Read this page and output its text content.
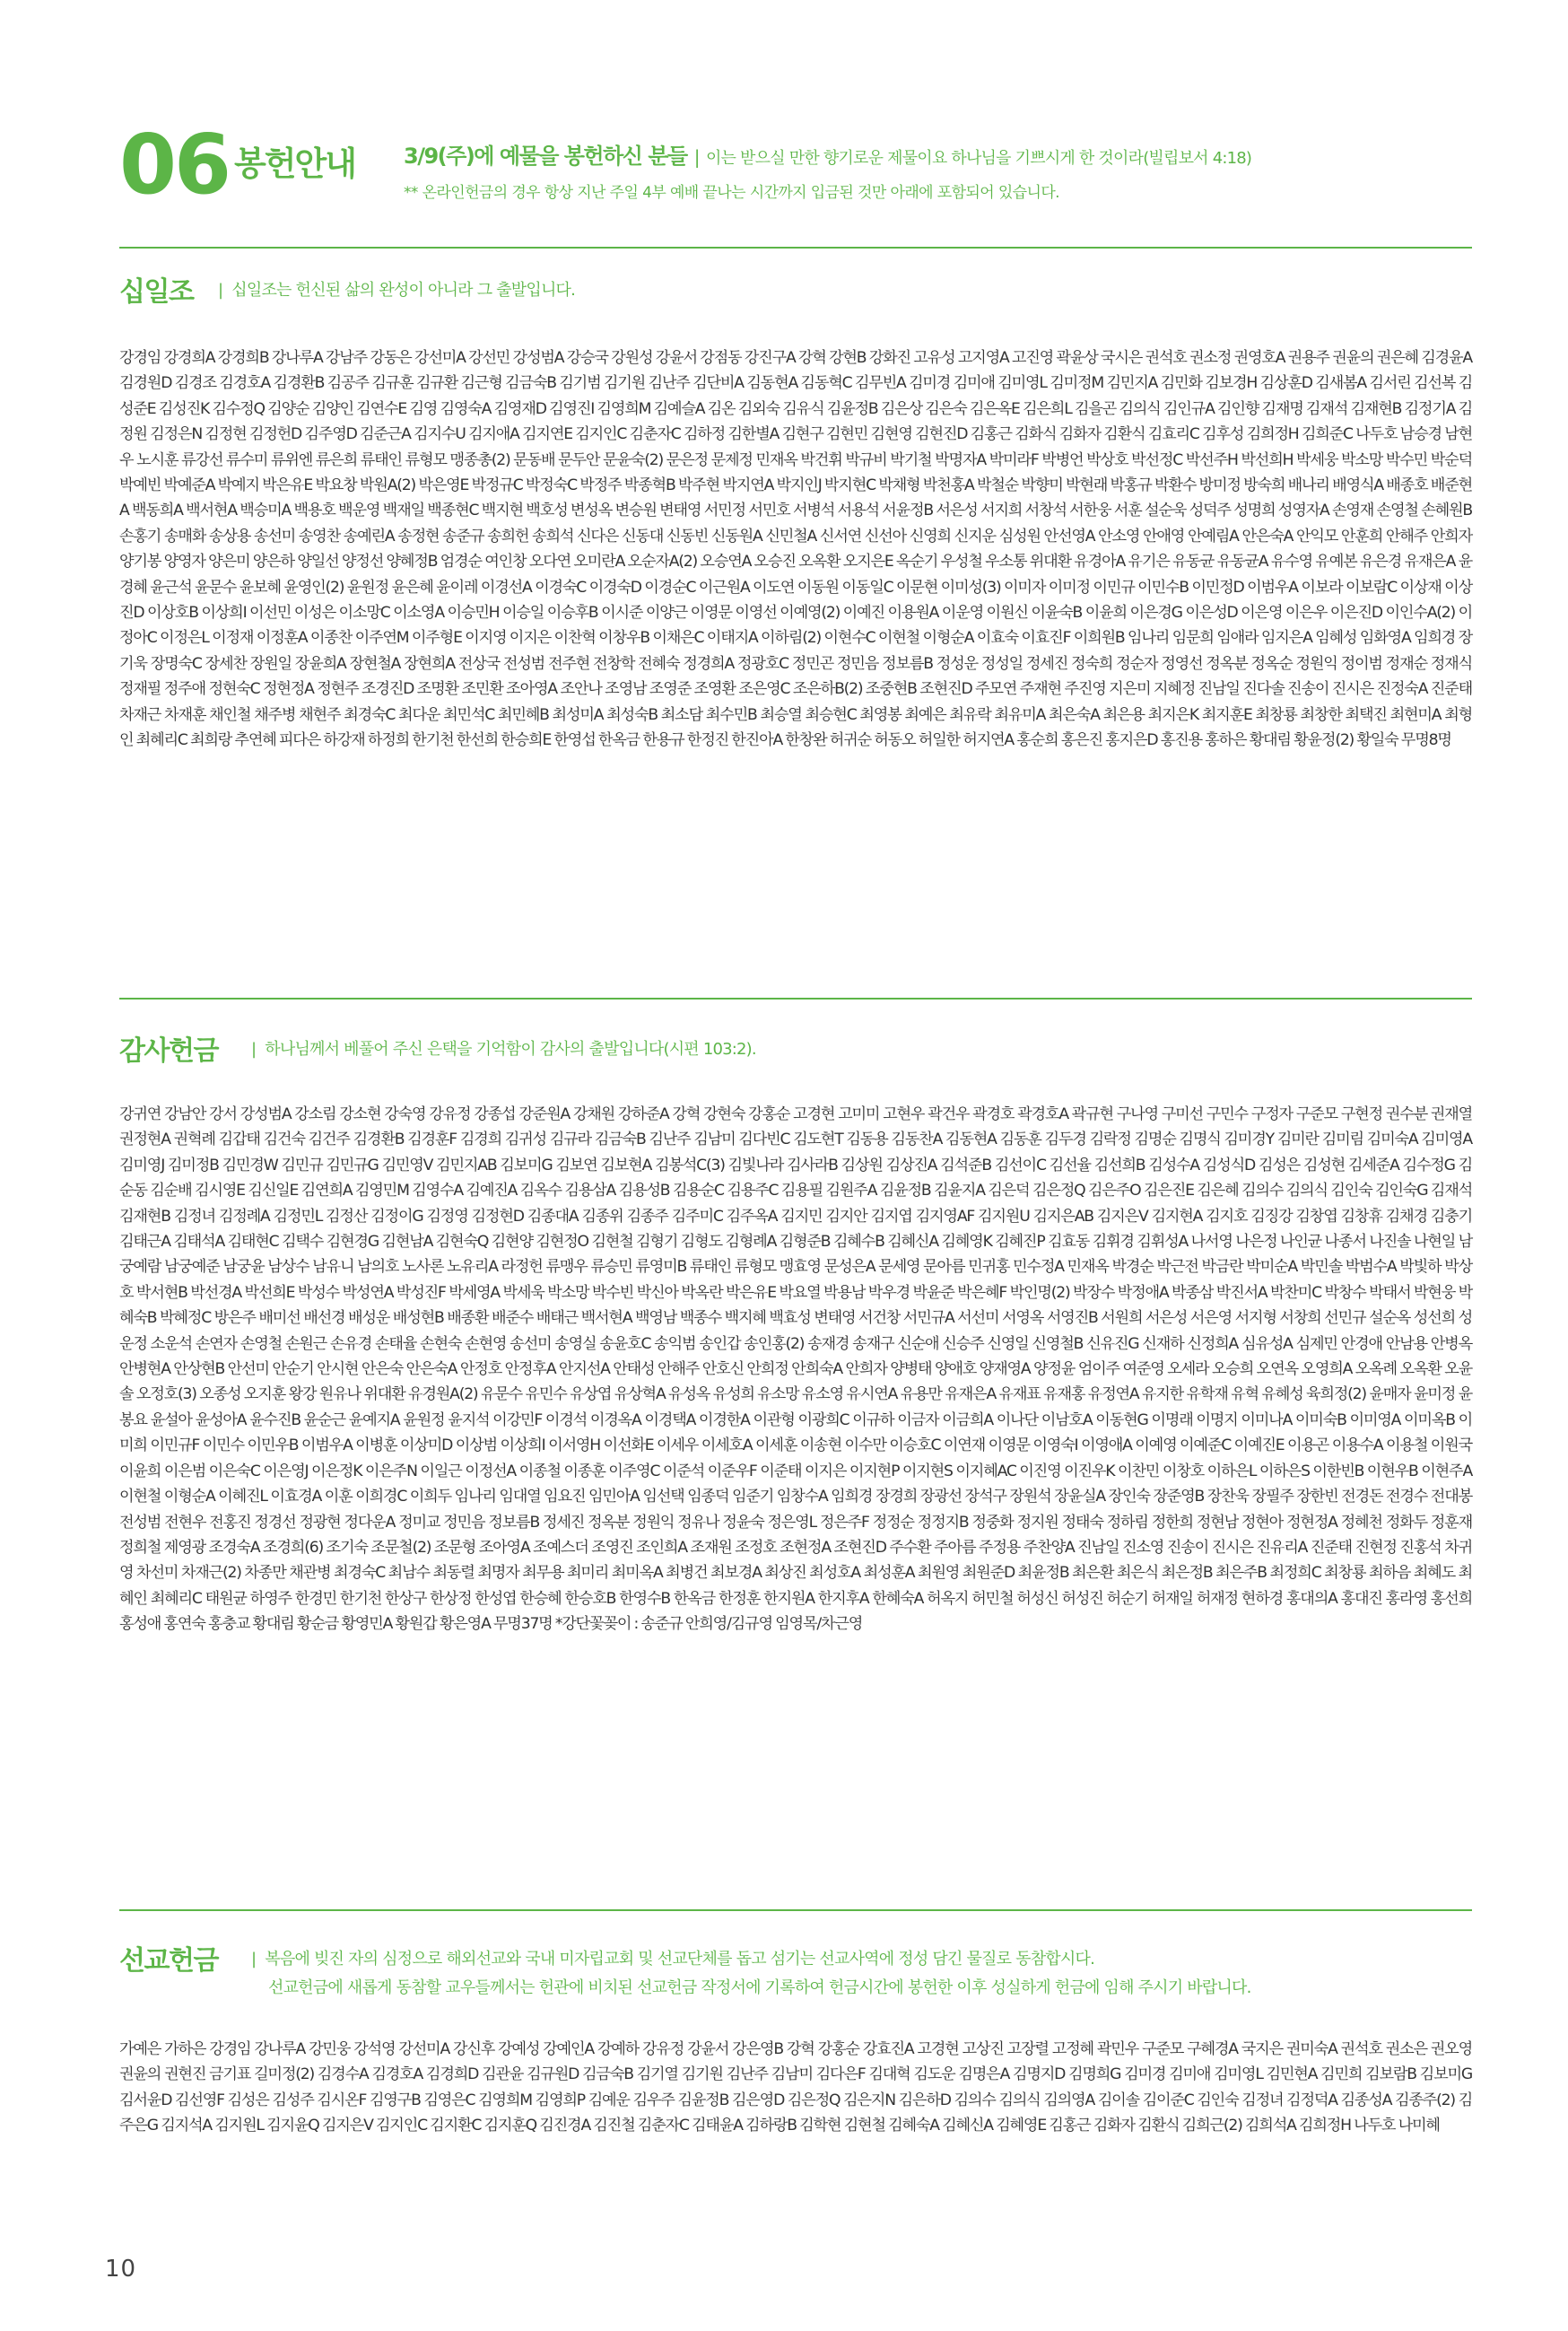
06 봉헌안내 3/9(주)에 예물을 봉헌하신 분들 | 이는 받으실 만한 향기로운 제물이요 하나님을 기쁘시게 한 것이라(빌립보서 4:18)
** 온라인헌금의 경우 항상 지난 주일 4부 예배 끝나는 시간까지 입금된 것만 아래에 포함되어 있습니다.
십일조 | 십일조는 헌신된 삶의 완성이 아니라 그 출발입니다.
강경임 강경희A 강경희B 강나루A 강남주 강동은 강선미A 강선민 강성범A 강승국 강원성 강윤서 강점동 강진구A 강혁 강현B 강화진 고유성 고지영A 고진영 곽윤상 국시은 권석호 권소정 권영호A 권용주 권윤의 권은혜 김경윤A 김경원D 김경조 김경호A 김경환B 김공주 김규훈 김규환 김근형 김금숙B 김기범 김기원 김난주 김단비A 김동현A 김동혁C 김무빈A 김미경 김미애 김미영L 김미정M 김민지A 김민화 김보경H 김상훈D 김새봄A 김서린 김선복 김성준E 김성진K 김수정Q 김양순 김양인 김연수E 김영 김영숙A 김영재D 김영진I 김영희M 김예슬A 김온 김외숙 김유식 김윤정B 김은상 김은숙 김은옥E 김은희L 김을곤 김의식 김인규A 김인향 김재명 김재석 김재현B 김정기A 김정원 김정은N 김정현 김정헌D 김주영D 김준근A 김지수U 김지애A 김지연E 김지인C 김춘자C 김하정 김한별A 김현구 김현민 김현영 김현진D 김홍근 김화식 김화자 김환식 김효리C 김후성 김희정H 김희준C 나두호 남승경 남현우 노시훈 류강선 류수미 류위엔 류은희 류태인 류형모 맹종총(2) 문동배 문두안 문윤숙(2) 문은정 문제정 민재옥 박건휘 박규비 박기철 박명자A 박미라F 박병언 박상호 박선정C 박선주H 박선희H 박세웅 박소망 박수민 박순덕 박예빈 박예준A 박예지 박은유E 박요창 박원A(2) 박은영E 박정규C 박정숙C 박정주 박종혁B 박주현 박지연A 박지인J 박지현C 박채형 박천홍A 박철순 박향미 박현래 박홍규 박환수 방미정 방숙희 배나리 배영식A 배종호 배준현A 백동희A 백서현A 백승미A 백용호 백운영 백재일 백종현C 백지현 백호성 변성옥 변승원 변태영 서민정 서민호 서병석 서용석 서윤정B 서은성 서지희 서창석 서한웅 서훈 설순욱 성덕주 성명희 성영자A 손영재 손영철 손혜원B 손홍기 송매화 송상용 송선미 송영찬 송예린A 송정현 송준규 송희헌 송희석 신다은 신동대 신동빈 신동원A 신민철A 신서연 신선아 신영희 신지운 심성원 안선영A 안소영 안애영 안예림A 안은숙A 안익모 안훈희 안해주 안희자 양기봉 양영자 양은미 양은하 양일선 양정선 양혜정B 엄경순 여인창 오다연 오미란A 오순자A(2) 오승연A 오승진 오옥환 오지은E 옥순기 우성철 우소통 위대환 유경아A 유기은 유동균 유동균A 유수영 유예본 유은경 유재은A 윤경혜 윤근석 윤문수 윤보혜 윤영인(2) 윤원정 윤은혜 윤이레 이경선A 이경숙C 이경숙D 이경순C 이근원A 이도연 이동원 이동일C 이문현 이미성(3) 이미자 이미정 이민규 이민수B 이민정D 이범우A 이보라 이보람C 이상재 이상진D 이상호B 이상희I 이선민 이성은 이소망C 이소영A 이승민H 이승일 이승후B 이시준 이양근 이영문 이영선 이예영(2) 이예진 이용원A 이운영 이원신 이윤숙B 이윤희 이은경G 이은성D 이은영 이은우 이은진D 이인수A(2) 이정아C 이정은L 이정재 이정훈A 이종찬 이주연M 이주형E 이지영 이지은 이찬혁 이창우B 이채은C 이태지A 이하림(2) 이현수C 이현철 이형순A 이효숙 이효진F 이희원B 임나리 임문희 임애라 임지은A 임혜성 임화영A 임희경 장기욱 장명숙C 장세찬 장원일 장윤희A 장현철A 장현희A 전상국 전성범 전주현 전창학 전혜숙 정경희A 정광호C 정민곤 정민음 정보름B 정성운 정성일 정세진 정숙희 정순자 정영선 정옥분 정옥순 정원익 정이범 정재순 정재식 정재필 정주애 정현숙C 정현정A 정현주 조경진D 조명환 조민환 조아영A 조안나 조영남 조영준 조영환 조은영C 조은하B(2) 조중현B 조현진D 주모연 주재현 주진영 지은미 지혜정 진남일 진다솔 진송이 진시은 진정숙A 진준태 차재근 차재훈 채인철 채주병 채현주 최경숙C 최다운 최민석C 최민혜B 최성미A 최성숙B 최소담 최수민B 최승열 최승현C 최영봉 최예은 최유락 최유미A 최은숙A 최은용 최지은K 최지훈E 최창룡 최창한 최택진 최현미A 최형인 최혜리C 최희랑 추연혜 피다은 하강재 하정희 한기천 한선희 한승희E 한영섭 한옥금 한용규 한정진 한진아A 한창완 허귀순 허동오 허일한 허지연A 홍순희 홍은진 홍지은D 홍진용 홍하은 황대림 황윤정(2) 황일숙 무명8명
감사헌금 | 하나님께서 베풀어 주신 은택을 기억함이 감사의 출발입니다(시편 103:2).
강귀연 강남안 강서 강성범A 강소림 강소현 강숙영 강유정 강종섭 강준원A 강채원 강하준A 강혁 강현숙 강홍순 고경현 고미미 고현우 곽건우 곽경호 곽경호A 곽규현 구나영 구미선 구민수 구정자 구준모 구현정 권수분 권재열 권정현A 권혁례 김갑태 김건숙 김건주 김경환B 김경훈F 김경희 김귀성 김규라 김금숙B 김난주 김남미 김다빈C 김도현T 김동용 김동찬A 김동현A 김동훈 김두경 김락정 김명순 김명식 김미경Y 김미란 김미림 김미숙A 김미영A 김미영J 김미정B 김민경W 김민규 김민규G 김민영V 김민지AB 김보미G 김보연 김보현A 김봉석C(3) 김빛나라 김사라B 김상원 김상진A 김석준B 김선이C 김선율 김선희B 김성수A 김성식D 김성은 김성현 김세준A 김수정G 김순동 김순배 김시영E 김신일E 김연희A 김영민M 김영수A 김예진A 김옥수 김용삼A 김용성B 김용순C 김용주C 김용필 김원주A 김윤정B 김윤지A 김은덕 김은정Q 김은주O 김은진E 김은혜 김의수 김의식 김인숙 김인숙G 김재석 김재현B 김정녀 김정례A 김정민L 김정산 김정이G 김정영 김정현D 김종대A 김종위 김종주 김주미C 김주옥A 김지민 김지안 김지엽 김지영AF 김지원U 김지은AB 김지은V 김지현A 김지호 김징강 김창엽 김창휴 김채경 김충기 김태근A 김태석A 김태현C 김택수 김현경G 김현남A 김현숙Q 김현양 김현정O 김현철 김형기 김형도 김형례A 김형준B 김혜수B 김혜신A 김혜영K 김혜진P 김효동 김휘경 김휘성A 나서영 나은정 나인균 나종서 나진솔 나현일 남궁예람 남궁예준 남궁윤 남상수 남유니 남의호 노사론 노유리A 라정헌 류맹우 류승민 류영미B 류태인 류형모 맹효영 문성은A 문세영 문아름 민귀홍 민수정A 민재옥 박경순 박근전 박금란 박미순A 박민솔 박범수A 박빛하 박상호 박서현B 박선경A 박선희E 박성수 박성연A 박성진F 박세영A 박세욱 박소망 박수빈 박신아 박옥란 박은유E 박요열 박용남 박우경 박윤준 박은혜F 박인명(2) 박장수 박정애A 박종삼 박진서A 박찬미C 박창수 박태서 박현웅 박혜숙B 박혜정C 방은주 배미선 배선경 배성운 배성현B 배종환 배준수 배태근 백서현A 백영남 백종수 백지혜 백효성 변태영 서건창 서민규A 서선미 서영옥 서영진B 서원희 서은성 서은영 서지형 서창희 선민규 설순옥 성선희 성운정 소운석 손연자 손영철 손원근 손유경 손태율 손현숙 손현영 송선미 송영실 송윤호C 송익범 송인갑 송인홍(2) 송재경 송재구 신순애 신승주 신영일 신영철B 신유진G 신재하 신정희A 심유성A 심제민 안경애 안남용 안병옥 안병현A 안상현B 안선미 안순기 안시현 안은숙 안은숙A 안정호 안정후A 안지선A 안태성 안해주 안호신 안희정 안희숙A 안희자 양병태 양애호 양재영A 양정윤 엄이주 여준영 오세라 오승희 오연옥 오영희A 오옥례 오옥환 오윤솔 오정호(3) 오종성 오지훈 왕강 원유나 위대환 유경원A(2) 유문수 유민수 유상엽 유상혁A 유성옥 유성희 유소망 유소영 유시연A 유용만 유재은A 유재표 유재홍 유정연A 유지한 유학재 유혁 유혜성 육희정(2) 윤매자 윤미정 윤봉요 윤설아 윤성아A 윤수진B 윤순근 윤예지A 윤원정 윤지석 이강민F 이경석 이경옥A 이경택A 이경한A 이관형 이광희C 이규하 이금자 이금희A 이나단 이남호A 이동현G 이명래 이명지 이미나A 이미숙B 이미영A 이미옥B 이미희 이민규F 이민수 이민우B 이범우A 이병훈 이상미D 이상범 이상희I 이서영H 이선화E 이세우 이세호A 이세훈 이송현 이수만 이승호C 이연재 이영문 이영숙I 이영애A 이예영 이예준C 이예진E 이용곤 이용수A 이용철 이원국 이윤희 이은범 이은숙C 이은영J 이은정K 이은주N 이일근 이정선A 이종철 이종훈 이주영C 이준석 이준우F 이준태 이지은 이지현P 이지현S 이지혜AC 이진영 이진우K 이찬민 이창호 이하은L 이하은S 이한빈B 이현우B 이현주A 이현철 이형순A 이혜진L 이효경A 이훈 이희경C 이희두 임나리 임대열 임요진 임민아A 임선택 임종덕 임준기 임창수A 임희경 장경희 장광선 장석구 장원석 장윤실A 장인숙 장준영B 장찬욱 장필주 장한빈 전경돈 전경수 전대봉 전성범 전현우 전홍진 정경선 정광현 정다운A 정미교 정민음 정보름B 정세진 정옥분 정원익 정유나 정윤숙 정은영L 정은주F 정정순 정정지B 정중화 정지원 정태숙 정하림 정한희 정현남 정현아 정현정A 정혜천 정화두 정훈재 정희철 제영광 조경숙A 조경희(6) 조기숙 조문철(2) 조문형 조아영A 조예스더 조영진 조인희A 조재원 조정호 조현정A 조현진D 주수환 주아름 주정용 주찬양A 진남일 진소영 진송이 진시은 진유리A 진준태 진현정 진홍석 차귀영 차선미 차재근(2) 차종만 채관병 최경숙C 최남수 최동렬 최명자 최무용 최미리 최미옥A 최병건 최보경A 최상진 최성호A 최성훈A 최원영 최원준D 최윤정B 최은환 최은식 최은정B 최은주B 최정희C 최창룡 최하음 최혜도 최혜인 최혜리C 태원균 하영주 한경민 한기천 한상구 한상정 한성엽 한승혜 한승호B 한영수B 한옥금 한정훈 한지원A 한지후A 한혜숙A 허옥지 허민철 허성신 허성진 허순기 허재일 허재정 현하경 홍대의A 홍대진 홍라영 홍선희 홍성애 홍연숙 홍충교 황대림 황순금 황영민A 황원갑 황은영A 무명37명 *강단꽃꽂이 : 송준규 안희영/김규영 임영목/차근영
선교헌금 | 복음에 빚진 자의 심정으로 해외선교와 국내 미자립교회 및 선교단체를 돕고 섬기는 선교사역에 정성 담긴 물질로 동참합시다.
선교헌금에 새롭게 동참할 교우들께서는 헌관에 비치된 선교헌금 작정서에 기록하여 헌금시간에 봉헌한 이후 성실하게 헌금에 임해 주시기 바랍니다.
가예은 가하은 강경임 강나루A 강민웅 강석영 강선미A 강신후 강예성 강예인A 강예하 강유정 강윤서 강은영B 강혁 강홍순 강효진A 고경현 고상진 고장렬 고정혜 곽민우 구준모 구혜경A 국지은 권미숙A 권석호 권소은 권오영 권윤의 권현진 금기표 길미정(2) 김경수A 김경호A 김경희D 김관윤 김규원D 김금숙B 김기열 김기원 김난주 김남미 김다은F 김대혁 김도운 김명은A 김명지D 김명희G 김미경 김미애 김미영L 김민현A 김민희 김보람B 김보미G 김서윤D 김선영F 김성은 김성주 김시온F 김영구B 김영은C 김영희M 김영희P 김예운 김우주 김윤정B 김은영D 김은정Q 김은지N 김은하D 김의수 김의식 김의영A 김이솔 김이준C 김인숙 김정녀 김정덕A 김종성A 김종주(2) 김주은G 김지석A 김지원L 김지윤Q 김지은V 김지인C 김지환C 김지훈Q 김진경A 김진철 김춘자C 김태윤A 김하랑B 김학현 김현철 김혜숙A 김혜신A 김혜영E 김홍근 김화자 김환식 김희근(2) 김희석A 김희정H 나두호 나미혜
10
